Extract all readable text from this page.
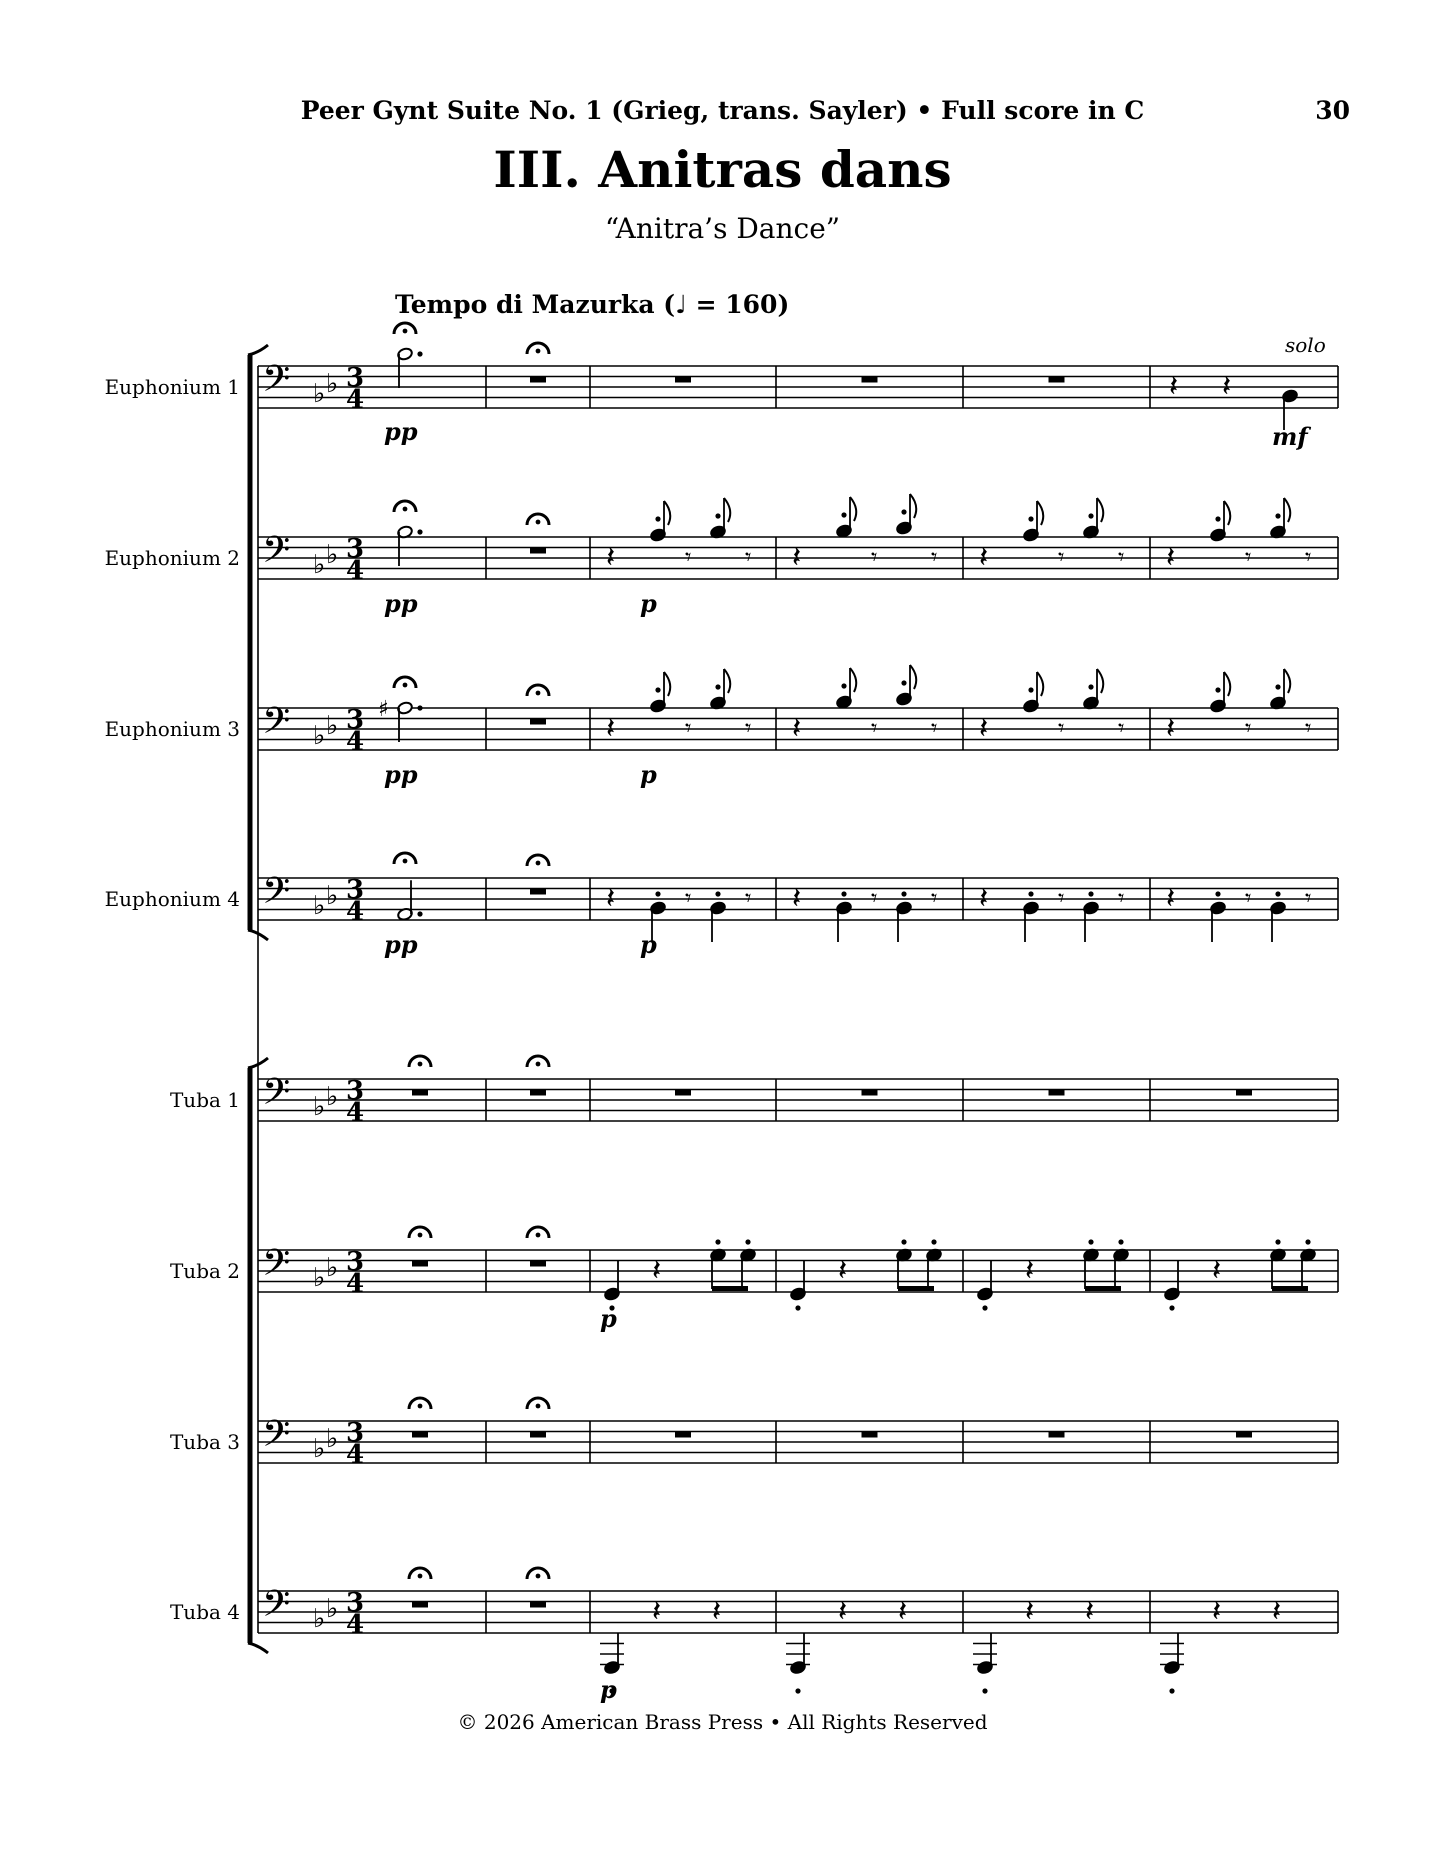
Peer Gynt Suite No. 1 (Grieg, trans. Sayler) • Full score in C	30
III. Anitras dans
“Anitra’s Dance”
Tempo di Mazurka (♩ = 160)
Euphonium 1
Euphonium 2
Euphonium 3
Euphonium 4
Tuba 1
Tuba 2
Tuba 3
Tuba 4
𝄢 ♭ ♭ 3
4
𝄢 ♭ ♭ 3
4
𝄢 ♭ ♭ 3
4
𝄢 ♭ ♭ 3
4
𝄢 ♭ ♭ 3
4
𝄢 ♭ ♭ 3
4
𝄢 ♭ ♭ 3
4
𝄢 ♭ ♭ 3
4
♯
pp
pp
pp
pp
𝄽 𝄽
mf
solo
𝄽	𝄾 𝄾 𝄽	𝄾 𝄾 𝄽	𝄾 𝄾 𝄽	𝄾 𝄾
𝄽	𝄾 𝄾 𝄽	𝄾 𝄾 𝄽	𝄾 𝄾 𝄽	𝄾 𝄾
𝄽	𝄾 𝄾 𝄽	𝄾 𝄾 𝄽	𝄾 𝄾 𝄽	𝄾 𝄾
p
p
p
𝄽	𝄽	𝄽	𝄽
p
𝄽 𝄽	𝄽 𝄽	𝄽 𝄽	𝄽 𝄽
p
© 2026 American Brass Press • All Rights Reserved
